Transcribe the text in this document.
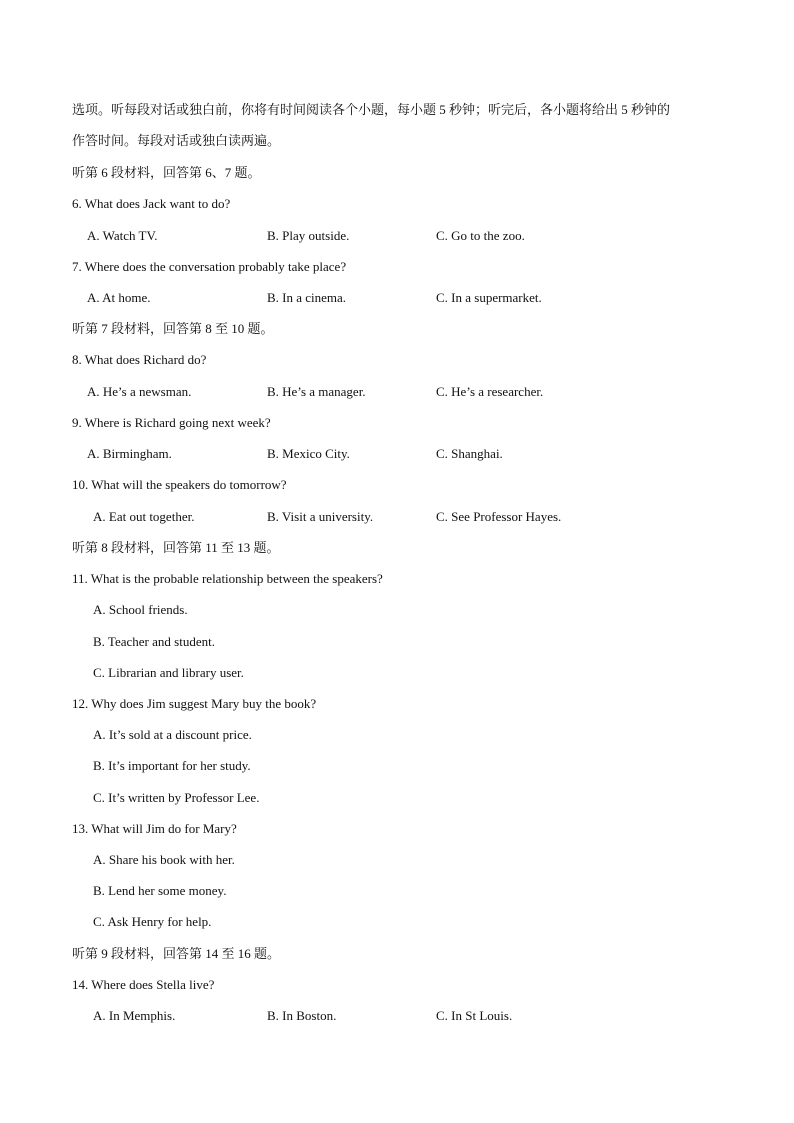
选项。听每段对话或独白前，你将有时间阅读各个小题，每小题 5 秒钟；听完后，各小题将给出 5 秒钟的
作答时间。每段对话或独白读两遍。
听第 6 段材料，回答第 6、7 题。
6. What does Jack want to do?
A. Watch TV.	B. Play outside.	C. Go to the zoo.
7. Where does the conversation probably take place?
A. At home.	B. In a cinema.	C. In a supermarket.
听第 7 段材料，回答第 8 至 10 题。
8. What does Richard do?
A. He’s a newsman.	B. He’s a manager.	C. He’s a researcher.
9. Where is Richard going next week?
A. Birmingham.	B. Mexico City.	C. Shanghai.
10. What will the speakers do tomorrow?
A. Eat out together.	B. Visit a university.	C. See Professor Hayes.
听第 8 段材料，回答第 11 至 13 题。
11. What is the probable relationship between the speakers?
A. School friends.
B. Teacher and student.
C. Librarian and library user.
12. Why does Jim suggest Mary buy the book?
A. It’s sold at a discount price.
B. It’s important for her study.
C. It’s written by Professor Lee.
13. What will Jim do for Mary?
A. Share his book with her.
B. Lend her some money.
C. Ask Henry for help.
听第 9 段材料，回答第 14 至 16 题。
14. Where does Stella live?
A. In Memphis.	B. In Boston.	C. In St Louis.
